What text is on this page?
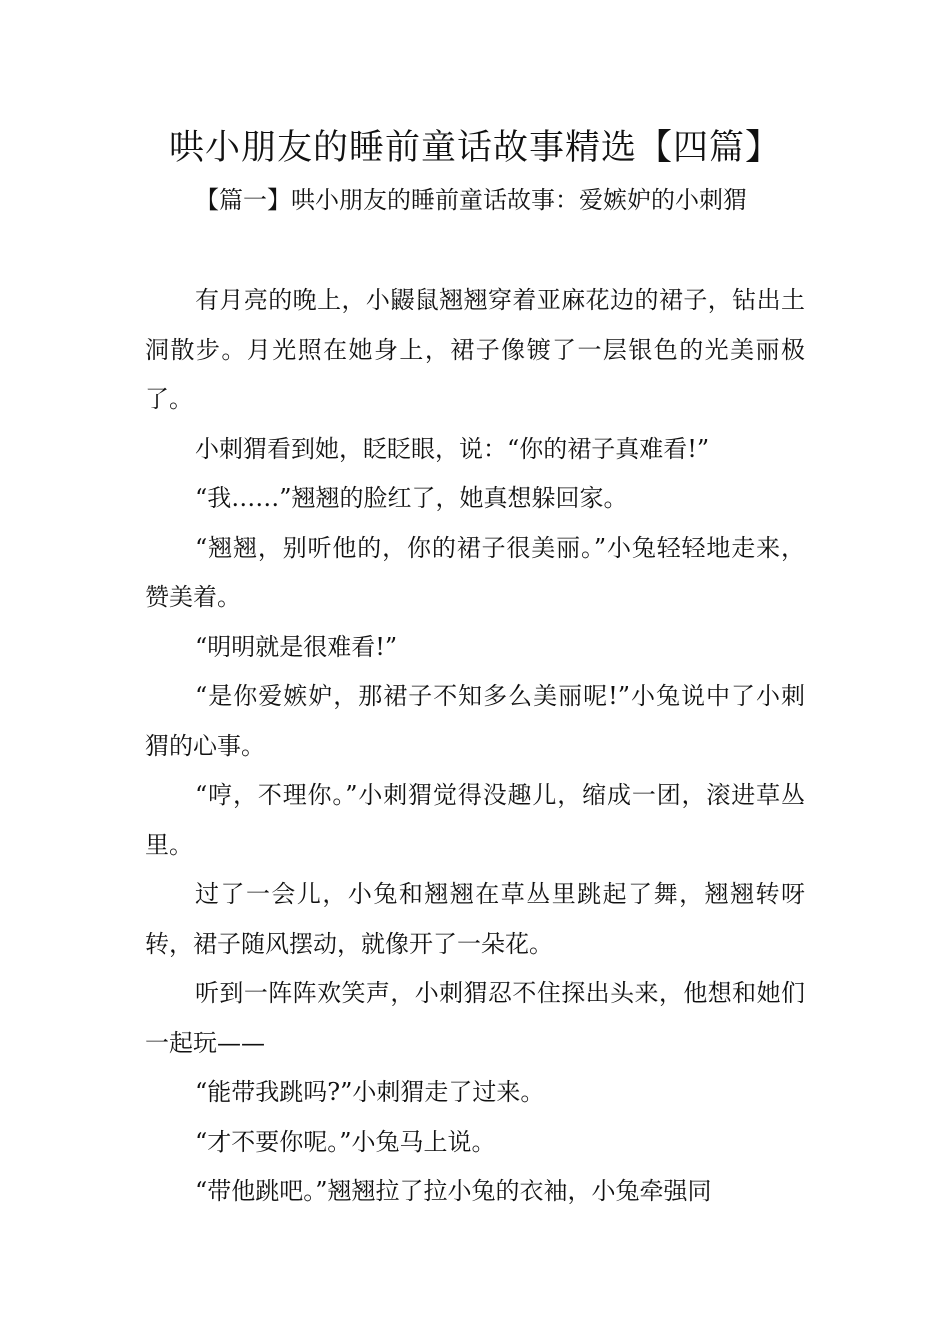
哄小朋友的睡前童话故事精选【四篇】
【篇一】哄小朋友的睡前童话故事：爱嫉妒的小刺猬

有月亮的晚上，小鼹鼠翘翘穿着亚麻花边的裙子，钻出土洞散步。月光照在她身上，裙子像镀了一层银色的光美丽极了。

小刺猬看到她，眨眨眼，说：“你的裙子真难看!”

“我……”翘翘的脸红了，她真想躲回家。

“翘翘，别听他的，你的裙子很美丽。”小兔轻轻地走来，赞美着。

“明明就是很难看!”

“是你爱嫉妒，那裙子不知多么美丽呢!”小兔说中了小刺猬的心事。

“哼，不理你。”小刺猬觉得没趣儿，缩成一团，滚进草丛里。

过了一会儿，小兔和翘翘在草丛里跳起了舞，翘翘转呀转，裙子随风摆动，就像开了一朵花。

听到一阵阵欢笑声，小刺猬忍不住探出头来，他想和她们一起玩——

“能带我跳吗?”小刺猬走了过来。

“才不要你呢。”小兔马上说。

“带他跳吧。”翘翘拉了拉小兔的衣袖，小兔牵强同
